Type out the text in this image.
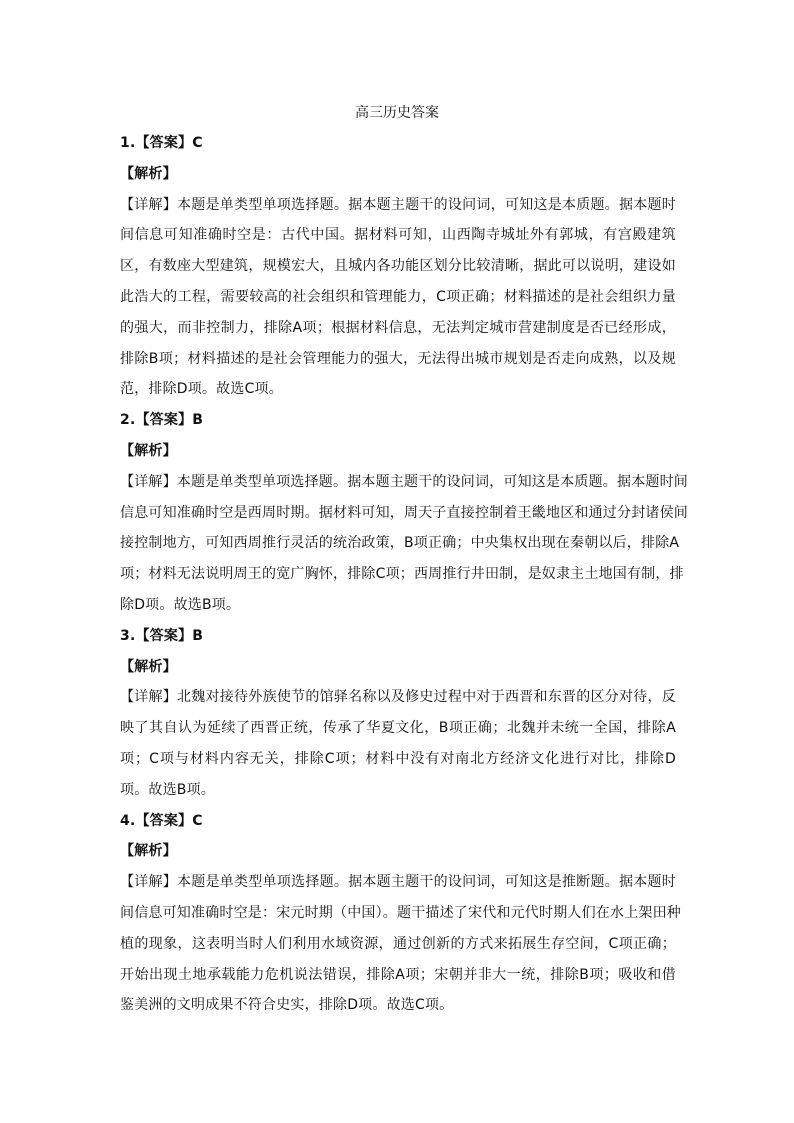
高三历史答案
1.【答案】C
【解析】
【详解】本题是单类型单项选择题。据本题主题干的设问词，可知这是本质题。据本题时
间信息可知准确时空是：古代中国。据材料可知，山西陶寺城址外有郭城，有宫殿建筑
区，有数座大型建筑，规模宏大，且城内各功能区划分比较清晰，据此可以说明，建设如
此浩大的工程，需要较高的社会组织和管理能力，C项正确；材料描述的是社会组织力量
的强大，而非控制力，排除A项；根据材料信息，无法判定城市营建制度是否已经形成，
排除B项；材料描述的是社会管理能力的强大，无法得出城市规划是否走向成熟，以及规
范，排除D项。故选C项。
2.【答案】B
【解析】
【详解】本题是单类型单项选择题。据本题主题干的设问词，可知这是本质题。据本题时间
信息可知准确时空是西周时期。据材料可知，周天子直接控制着王畿地区和通过分封诸侯间
接控制地方，可知西周推行灵活的统治政策，B项正确；中央集权出现在秦朝以后，排除A
项；材料无法说明周王的宽广胸怀，排除C项；西周推行井田制，是奴隶主土地国有制，排
除D项。故选B项。
3.【答案】B
【解析】
【详解】北魏对接待外族使节的馆驿名称以及修史过程中对于西晋和东晋的区分对待，反
映了其自认为延续了西晋正统，传承了华夏文化，B项正确；北魏并未统一全国，排除A
项；C项与材料内容无关，排除C项；材料中没有对南北方经济文化进行对比，排除D
项。故选B项。
4.【答案】C
【解析】
【详解】本题是单类型单项选择题。据本题主题干的设问词，可知这是推断题。据本题时
间信息可知准确时空是：宋元时期（中国）。题干描述了宋代和元代时期人们在水上架田种
植的现象，这表明当时人们利用水域资源，通过创新的方式来拓展生存空间，C项正确；
开始出现土地承载能力危机说法错误，排除A项；宋朝并非大一统，排除B项；吸收和借
鉴美洲的文明成果不符合史实，排除D项。故选C项。
